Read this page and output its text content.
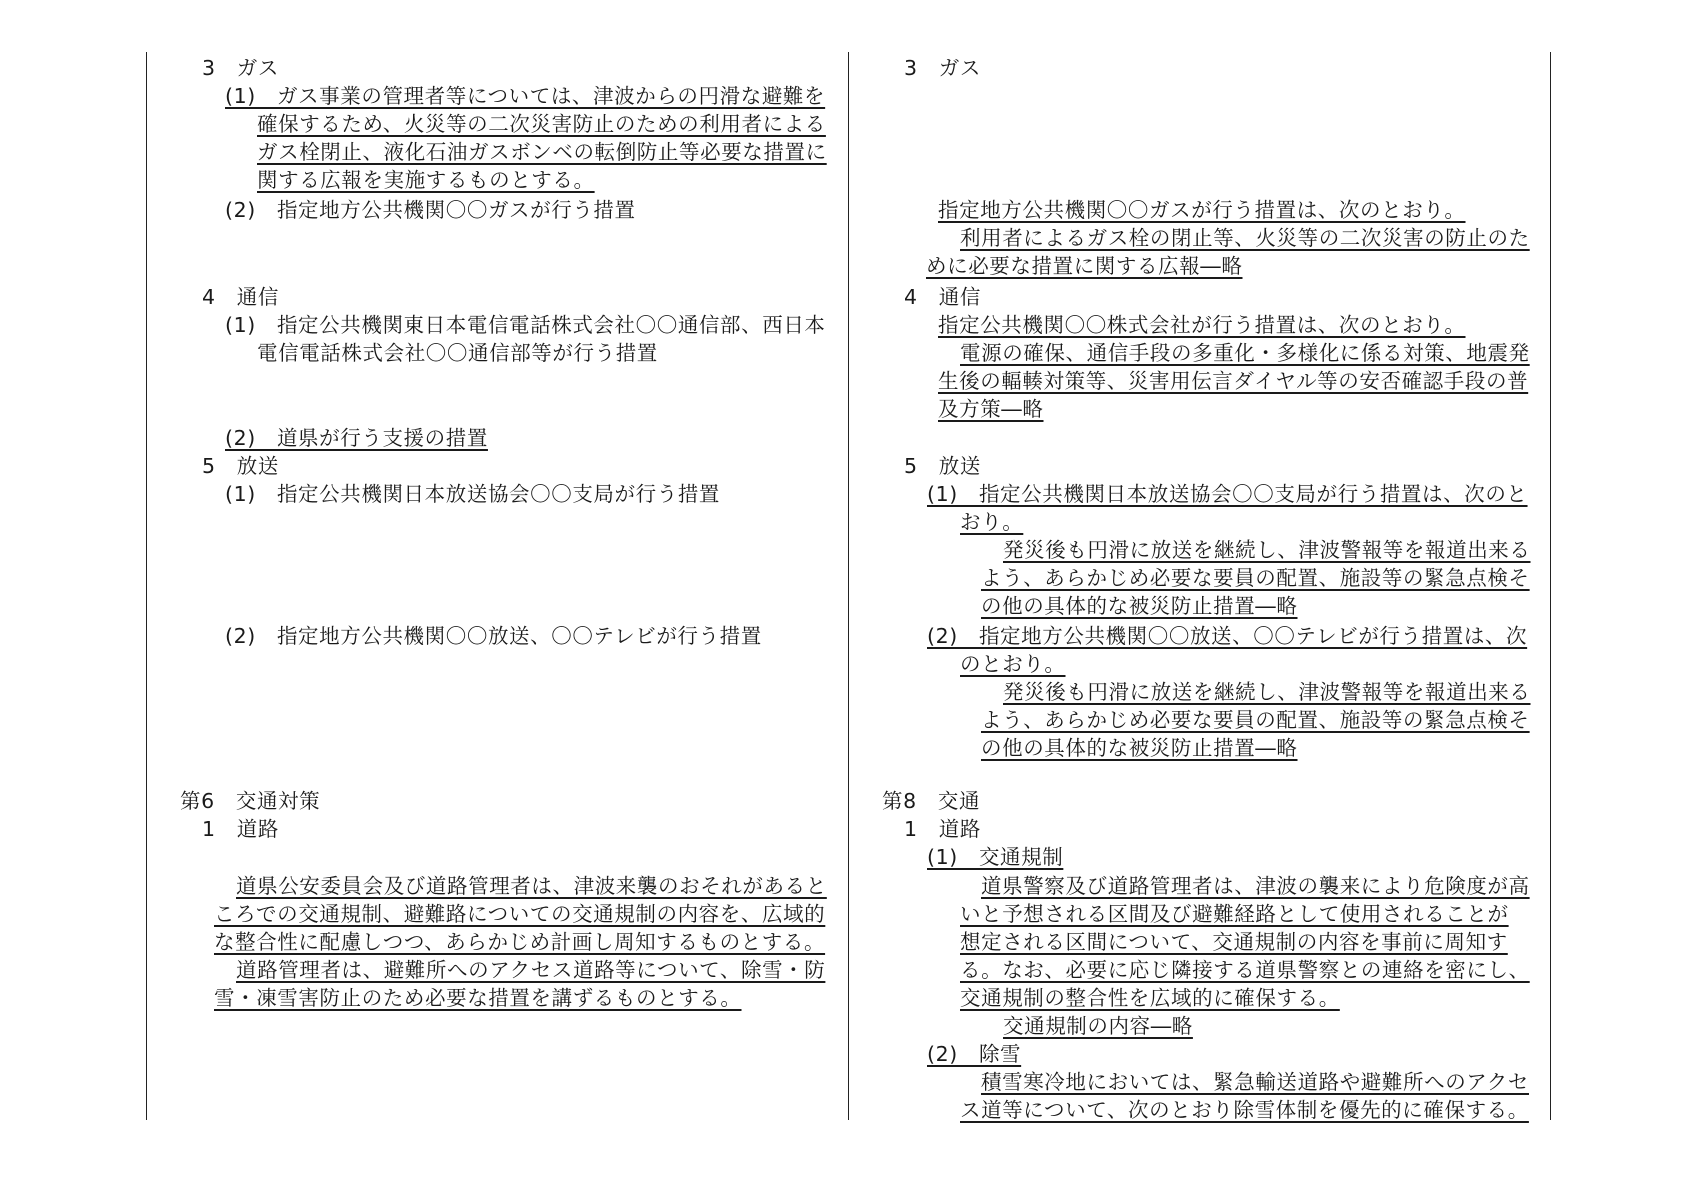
3　ガス
(1)　ガス事業の管理者等については、津波からの円滑な避難を
確保するため、火災等の二次災害防止のための利用者による
ガス栓閉止、液化石油ガスボンベの転倒防止等必要な措置に
関する広報を実施するものとする。
(2)　指定地方公共機関〇〇ガスが行う措置
4　通信
(1)　指定公共機関東日本電信電話株式会社〇〇通信部、西日本
電信電話株式会社〇〇通信部等が行う措置
(2)　道県が行う支援の措置
5　放送
(1)　指定公共機関日本放送協会〇〇支局が行う措置
(2)　指定地方公共機関〇〇放送、〇〇テレビが行う措置
第6　交通対策
1　道路
道県公安委員会及び道路管理者は、津波来襲のおそれがあると
ころでの交通規制、避難路についての交通規制の内容を、広域的
な整合性に配慮しつつ、あらかじめ計画し周知するものとする。
道路管理者は、避難所へのアクセス道路等について、除雪・防
雪・凍雪害防止のため必要な措置を講ずるものとする。
3　ガス
指定地方公共機関〇〇ガスが行う措置は、次のとおり。
利用者によるガス栓の閉止等、火災等の二次災害の防止のた
めに必要な措置に関する広報―略
4　通信
指定公共機関〇〇株式会社が行う措置は、次のとおり。
電源の確保、通信手段の多重化・多様化に係る対策、地震発
生後の輻輳対策等、災害用伝言ダイヤル等の安否確認手段の普
及方策―略
5　放送
(1)　指定公共機関日本放送協会〇〇支局が行う措置は、次のと
おり。
発災後も円滑に放送を継続し、津波警報等を報道出来る
よう、あらかじめ必要な要員の配置、施設等の緊急点検そ
の他の具体的な被災防止措置―略
(2)　指定地方公共機関〇〇放送、〇〇テレビが行う措置は、次
のとおり。
発災後も円滑に放送を継続し、津波警報等を報道出来る
よう、あらかじめ必要な要員の配置、施設等の緊急点検そ
の他の具体的な被災防止措置―略
第8　交通
1　道路
(1)　交通規制
道県警察及び道路管理者は、津波の襲来により危険度が高
いと予想される区間及び避難経路として使用されることが
想定される区間について、交通規制の内容を事前に周知す
る。なお、必要に応じ隣接する道県警察との連絡を密にし、
交通規制の整合性を広域的に確保する。
交通規制の内容―略
(2)　除雪
積雪寒冷地においては、緊急輸送道路や避難所へのアクセ
ス道等について、次のとおり除雪体制を優先的に確保する。
